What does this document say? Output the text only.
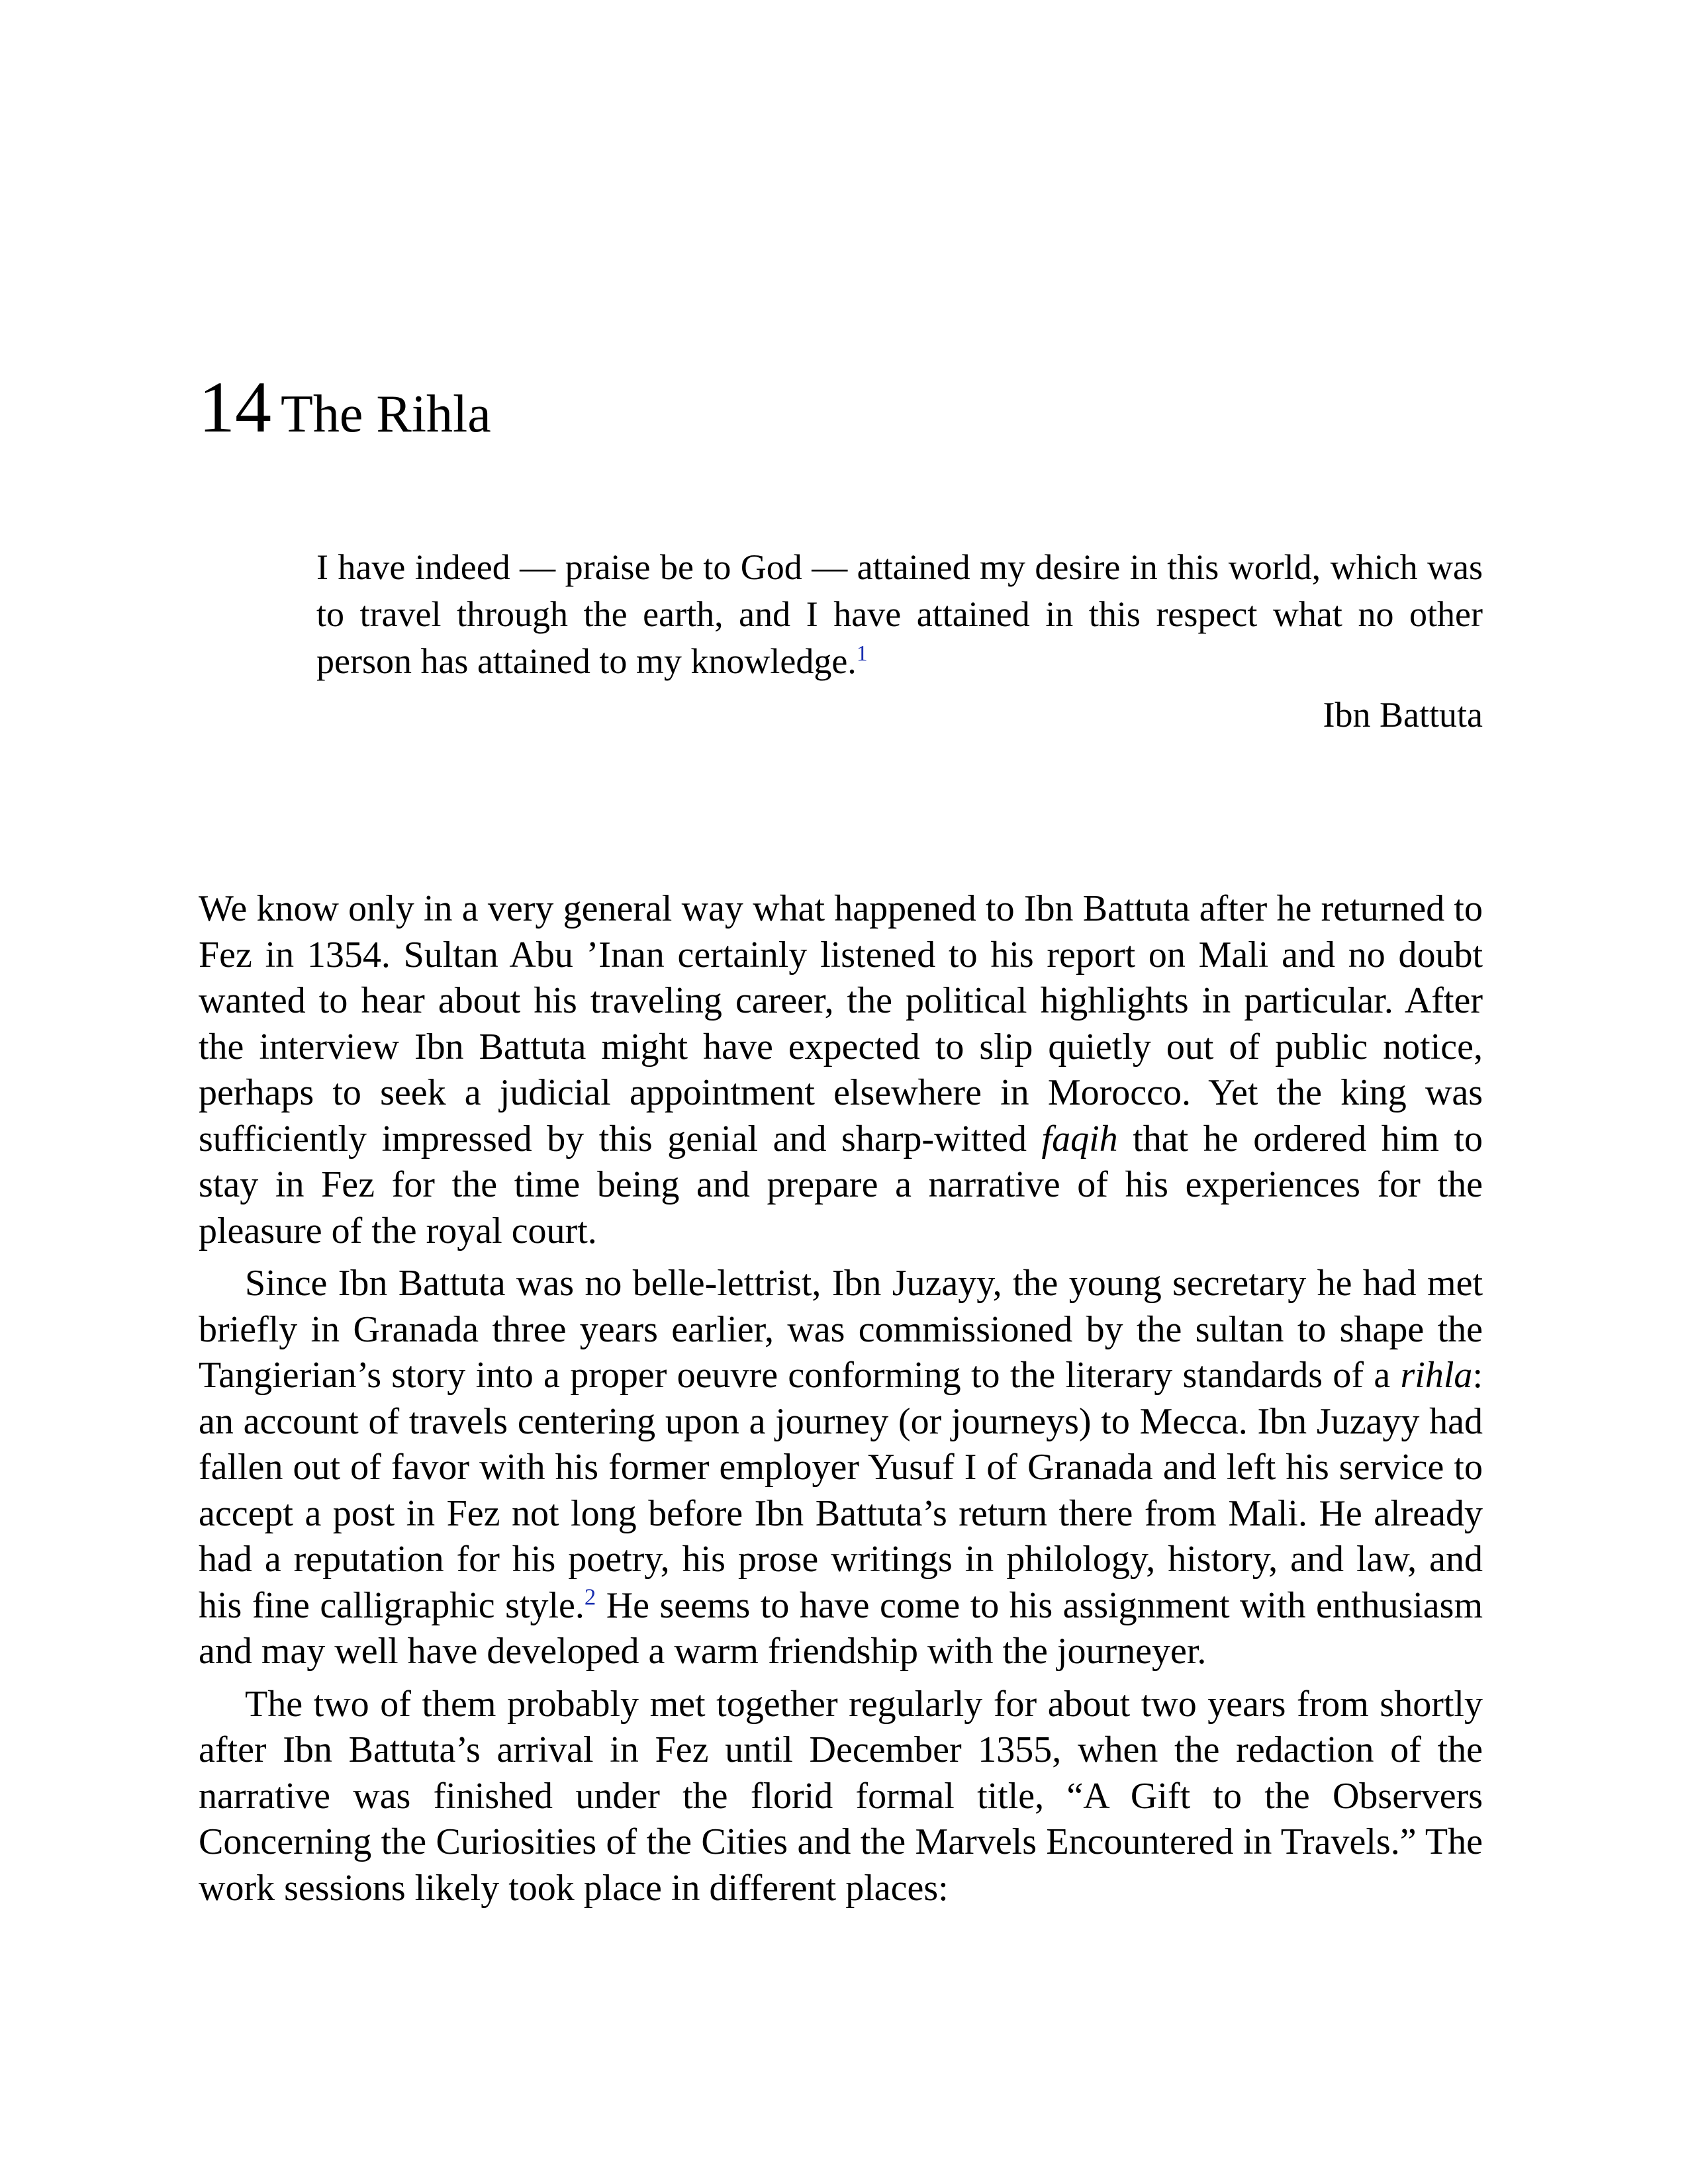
14 The Rihla

I have indeed — praise be to God — attained my desire in this world, which was to travel through the earth, and I have attained in this respect what no other person has attained to my knowledge.$^1$

Ibn Battuta

We know only in a very general way what happened to Ibn Battuta after he returned to Fez in 1354. Sultan Abu ’Inan certainly listened to his report on Mali and no doubt wanted to hear about his traveling career, the political highlights in particular. After the interview Ibn Battuta might have expected to slip quietly out of public notice, perhaps to seek a judicial appointment elsewhere in Morocco. Yet the king was sufficiently impressed by this genial and sharp-witted faqih that he ordered him to stay in Fez for the time being and prepare a narrative of his experiences for the pleasure of the royal court.

Since Ibn Battuta was no belle-lettrist, Ibn Juzayy, the young secretary he had met briefly in Granada three years earlier, was commissioned by the sultan to shape the Tangierian’s story into a proper oeuvre conforming to the literary standards of a rihla: an account of travels centering upon a journey (or journeys) to Mecca. Ibn Juzayy had fallen out of favor with his former employer Yusuf I of Granada and left his service to accept a post in Fez not long before Ibn Battuta’s return there from Mali. He already had a reputation for his poetry, his prose writings in philology, history, and law, and his fine calligraphic style.$^2$ He seems to have come to his assignment with enthusiasm and may well have developed a warm friendship with the journeyer.

The two of them probably met together regularly for about two years from shortly after Ibn Battuta’s arrival in Fez until December 1355, when the redaction of the narrative was finished under the florid formal title, “A Gift to the Observers Concerning the Curiosities of the Cities and the Marvels Encountered in Travels.” The work sessions likely took place in different places:
